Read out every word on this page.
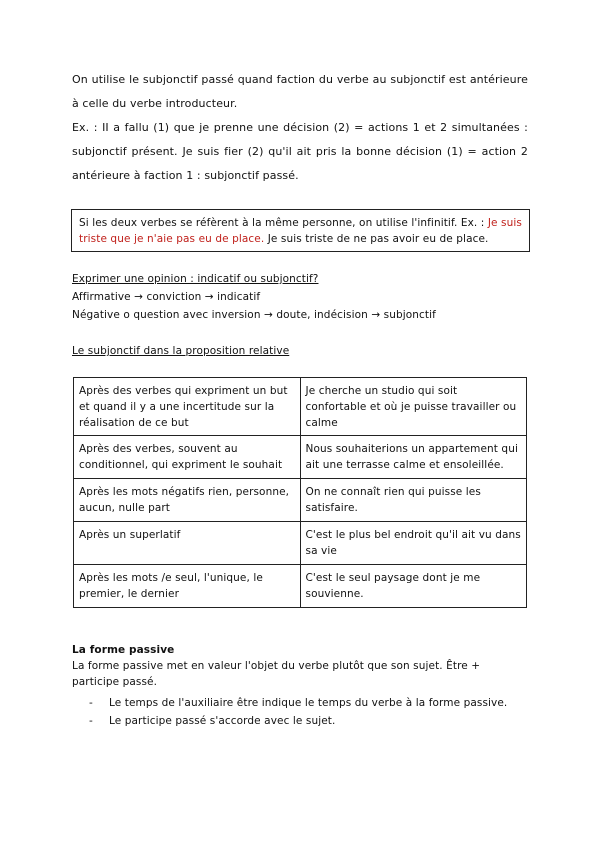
On utilise le subjonctif passé quand faction du verbe au subjonctif est antérieure à celle du verbe introducteur.

Ex. : II a fallu (1) que je prenne une décision (2) = actions 1 et 2 simultanées : subjonctif présent. Je suis fier (2) qu'il ait pris la bonne décision (1) = action 2 antérieure à faction 1 : subjonctif passé.

Si les deux verbes se réfèrent à la même personne, on utilise l'infinitif. Ex. : Je suis triste que je n'aie pas eu de place. Je suis triste de ne pas avoir eu de place.
Exprimer une opinion : indicatif ou subjonctif?
Affirmative → conviction → indicatif
Négative o question avec inversion → doute, indécision → subjonctif
Le subjonctif dans la proposition relative
Après des verbes qui expriment un but et quand il y a une incertitude sur la réalisation de ce but	Je cherche un studio qui soit confortable et où je puisse travailler ou calme
Après des verbes, souvent au conditionnel, qui expriment le souhait	Nous souhaiterions un appartement qui ait une terrasse calme et ensoleillée.
Après les mots négatifs rien, personne, aucun, nulle part	On ne connaît rien qui puisse les satisfaire.
Après un superlatif	C'est le plus bel endroit qu'il ait vu dans sa vie
Après les mots /e seul, l'unique, le premier, le dernier	C'est le seul paysage dont je me souvienne.
La forme passive

La forme passive met en valeur l'objet du verbe plutôt que son sujet. Être + participe passé.

- Le temps de l'auxiliaire être indique le temps du verbe à la forme passive.
- Le participe passé s'accorde avec le sujet.
